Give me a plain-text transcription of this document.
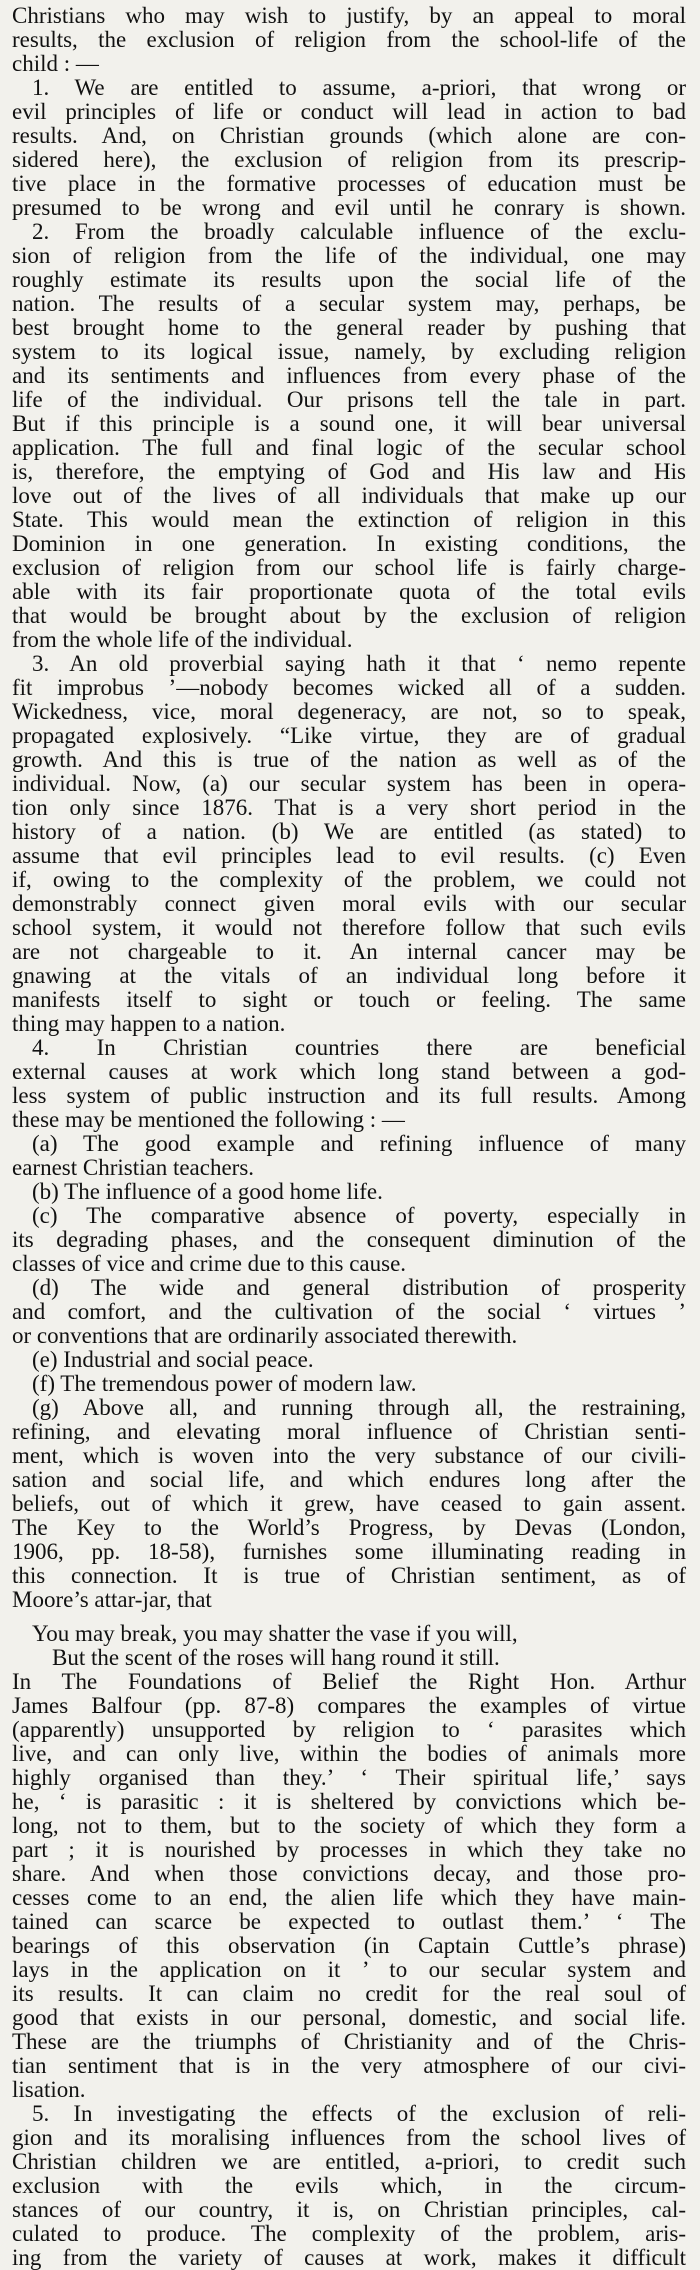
Christians who may wish to justify, by an appeal to moral
results, the exclusion of religion from the school-life of the
child : —
1. We are entitled to assume, a-priori, that wrong or
evil principles of life or conduct will lead in action to bad
results. And, on Christian grounds (which alone are con-
sidered here), the exclusion of religion from its prescrip-
tive place in the formative processes of education must be
presumed to be wrong and evil until he conrary is shown.
2. From the broadly calculable influence of the exclu-
sion of religion from the life of the individual, one may
roughly estimate its results upon the social life of the
nation. The results of a secular system may, perhaps, be
best brought home to the general reader by pushing that
system to its logical issue, namely, by excluding religion
and its sentiments and influences from every phase of the
life of the individual. Our prisons tell the tale in part.
But if this principle is a sound one, it will bear universal
application. The full and final logic of the secular school
is, therefore, the emptying of God and His law and His
love out of the lives of all individuals that make up our
State. This would mean the extinction of religion in this
Dominion in one generation. In existing conditions, the
exclusion of religion from our school life is fairly charge-
able with its fair proportionate quota of the total evils
that would be brought about by the exclusion of religion
from the whole life of the individual.
3. An old proverbial saying hath it that ‘ nemo repente
fit improbus ’—nobody becomes wicked all of a sudden.
Wickedness, vice, moral degeneracy, are not, so to speak,
propagated explosively. “Like virtue, they are of gradual
growth. And this is true of the nation as well as of the
individual. Now, (a) our secular system has been in opera-
tion only since 1876. That is a very short period in the
history of a nation. (b) We are entitled (as stated) to
assume that evil principles lead to evil results. (c) Even
if, owing to the complexity of the problem, we could not
demonstrably connect given moral evils with our secular
school system, it would not therefore follow that such evils
are not chargeable to it. An internal cancer may be
gnawing at the vitals of an individual long before it
manifests itself to sight or touch or feeling. The same
thing may happen to a nation.
4. In Christian countries there are beneficial
external causes at work which long stand between a god-
less system of public instruction and its full results. Among
these may be mentioned the following : —
(a) The good example and refining influence of many
earnest Christian teachers.
(b) The influence of a good home life.
(c) The comparative absence of poverty, especially in
its degrading phases, and the consequent diminution of the
classes of vice and crime due to this cause.
(d) The wide and general distribution of prosperity
and comfort, and the cultivation of the social ‘ virtues ’
or conventions that are ordinarily associated therewith.
(e) Industrial and social peace.
(f) The tremendous power of modern law.
(g) Above all, and running through all, the restraining,
refining, and elevating moral influence of Christian senti-
ment, which is woven into the very substance of our civili-
sation and social life, and which endures long after the
beliefs, out of which it grew, have ceased to gain assent.
The Key to the World’s Progress, by Devas (London,
1906, pp. 18-58), furnishes some illuminating reading in
this connection. It is true of Christian sentiment, as of
Moore’s attar-jar, that
You may break, you may shatter the vase if you will,
But the scent of the roses will hang round it still.
In The Foundations of Belief the Right Hon. Arthur
James Balfour (pp. 87-8) compares the examples of virtue
(apparently) unsupported by religion to ‘ parasites which
live, and can only live, within the bodies of animals more
highly organised than they.’ ‘ Their spiritual life,’ says
he, ‘ is parasitic : it is sheltered by convictions which be-
long, not to them, but to the society of which they form a
part ; it is nourished by processes in which they take no
share. And when those convictions decay, and those pro-
cesses come to an end, the alien life which they have main-
tained can scarce be expected to outlast them.’ ‘ The
bearings of this observation (in Captain Cuttle’s phrase)
lays in the application on it ’ to our secular system and
its results. It can claim no credit for the real soul of
good that exists in our personal, domestic, and social life.
These are the triumphs of Christianity and of the Chris-
tian sentiment that is in the very atmosphere of our civi-
lisation.
5. In investigating the effects of the exclusion of reli-
gion and its moralising influences from the school lives of
Christian children we are entitled, a-priori, to credit such
exclusion with the evils which, in the circum-
stances of our country, it is, on Christian principles, cal-
culated to produce. The complexity of the problem, aris-
ing from the variety of causes at work, makes it difficult
